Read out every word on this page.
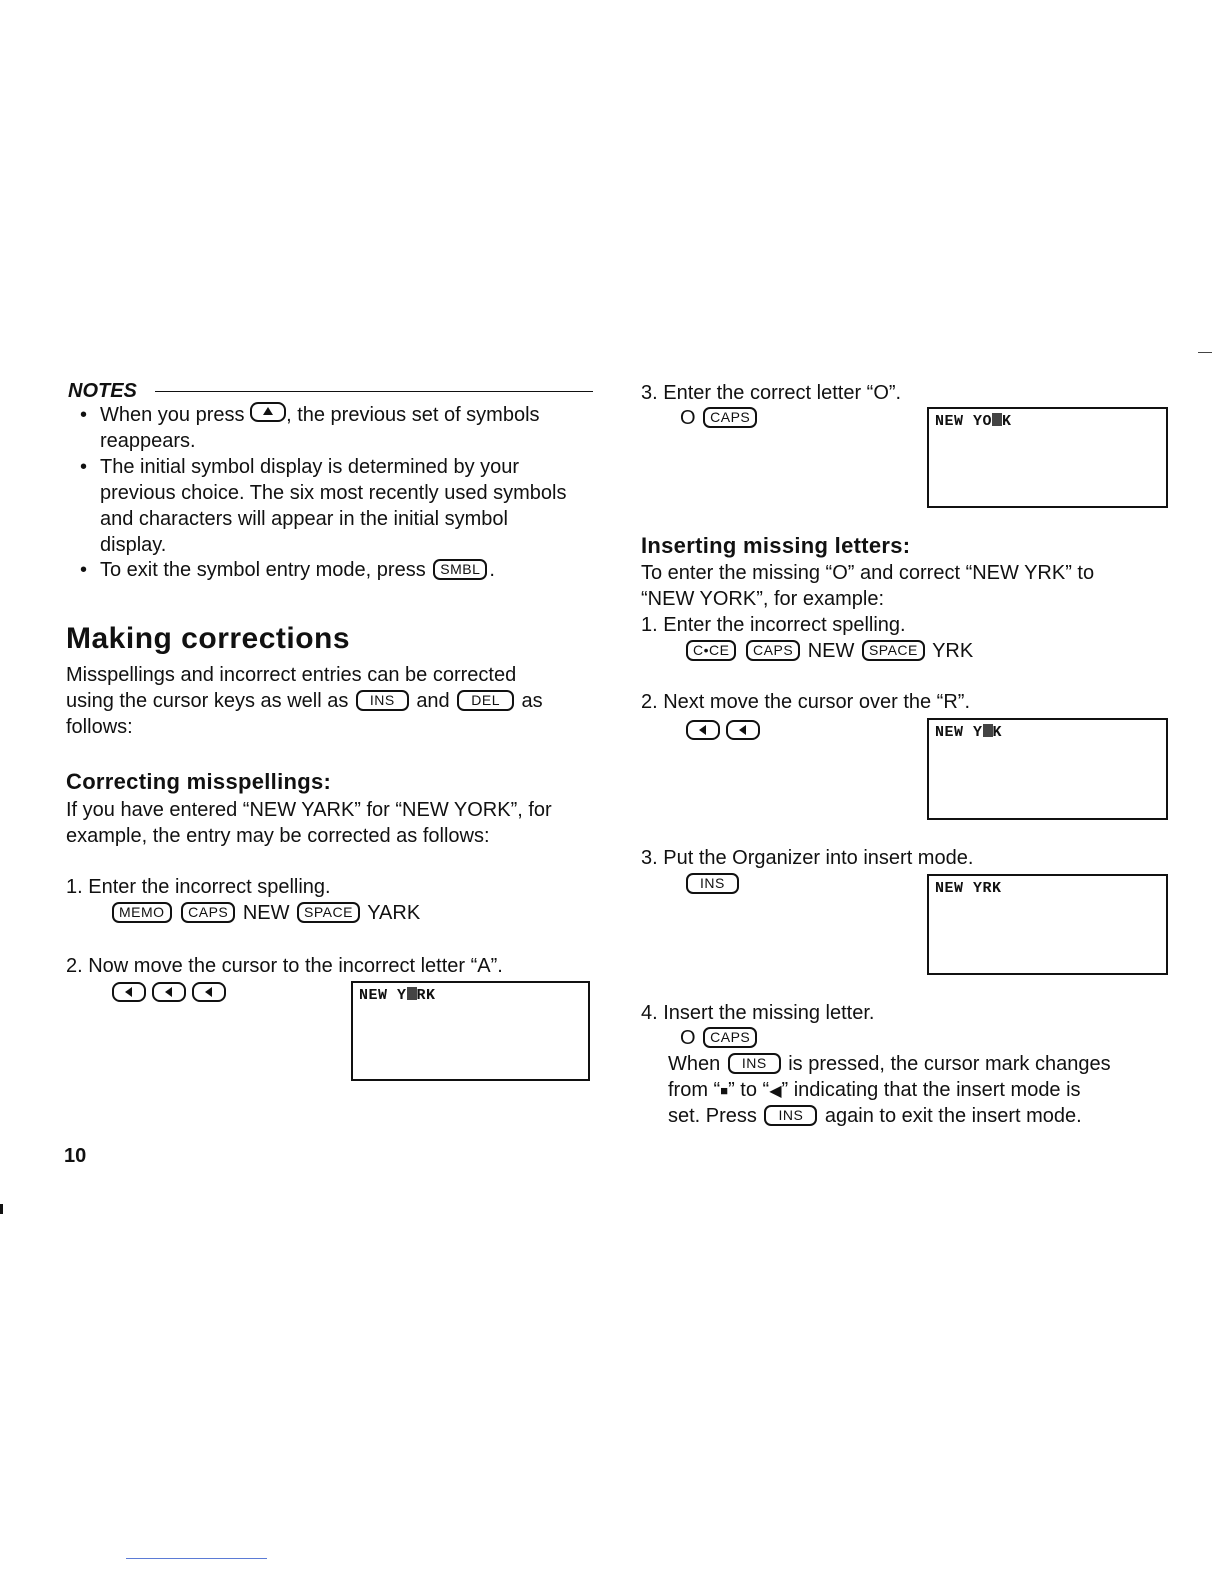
NOTES
• When you press , the previous set of symbols
reappears.
• The initial symbol display is determined by your
previous choice. The six most recently used symbols
and characters will appear in the initial symbol
display.
• To exit the symbol entry mode, press SMBL .
Making corrections
Misspellings and incorrect entries can be corrected
using the cursor keys as well as INS and DEL as
follows:
Correcting misspellings:
If you have entered “NEW YARK” for “NEW YORK”, for
example, the entry may be corrected as follows:
1. Enter the incorrect spelling.
MEMO CAPS NEW SPACE YARK
2. Now move the cursor to the incorrect letter “A”.
NEW Y RK
10
3. Enter the correct letter “O”.
O CAPS	NEW YO K
Inserting missing letters:
To enter the missing “O” and correct “NEW YRK” to
“NEW YORK”, for example:
1. Enter the incorrect spelling.
C•CE CAPS NEW SPACE YRK
2. Next move the cursor over the “R”.
NEW Y K
3. Put the Organizer into insert mode.
INS	NEW YRK
4. Insert the missing letter.
O CAPS
When INS is pressed, the cursor mark changes
from “■” to “◀” indicating that the insert mode is
set. Press INS again to exit the insert mode.
